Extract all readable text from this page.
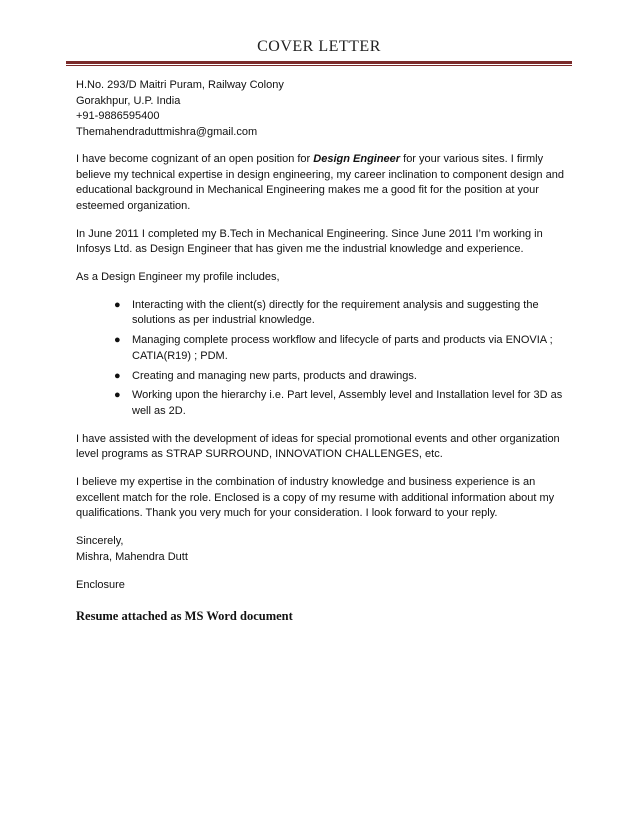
COVER LETTER

H.No. 293/D Maitri Puram, Railway Colony

Gorakhpur, U.P. India

+91-9886595400

Themahendraduttmishra@gmail.com

I have become cognizant of an open position for Design Engineer for your various sites. I firmly believe my technical expertise in design engineering, my career inclination to component design and educational background in Mechanical Engineering makes me a good fit for the position at your esteemed organization.

In June 2011 I completed my B.Tech in Mechanical Engineering. Since June 2011 I’m working in Infosys Ltd. as Design Engineer that has given me the industrial knowledge and experience.

As a Design Engineer my profile includes,

● Interacting with the client(s) directly for the requirement analysis and suggesting the solutions as per industrial knowledge.
● Managing complete process workflow and lifecycle of parts and products via ENOVIA ; CATIA(R19) ; PDM.
● Creating and managing new parts, products and drawings.
● Working upon the hierarchy i.e. Part level, Assembly level and Installation level for 3D as well as 2D.

I have assisted with the development of ideas for special promotional events and other organization level programs as STRAP SURROUND, INNOVATION CHALLENGES, etc.

I believe my expertise in the combination of industry knowledge and business experience is an excellent match for the role. Enclosed is a copy of my resume with additional information about my qualifications. Thank you very much for your consideration. I look forward to your reply.

Sincerely,

Mishra, Mahendra Dutt

Enclosure

Resume attached as MS Word document
